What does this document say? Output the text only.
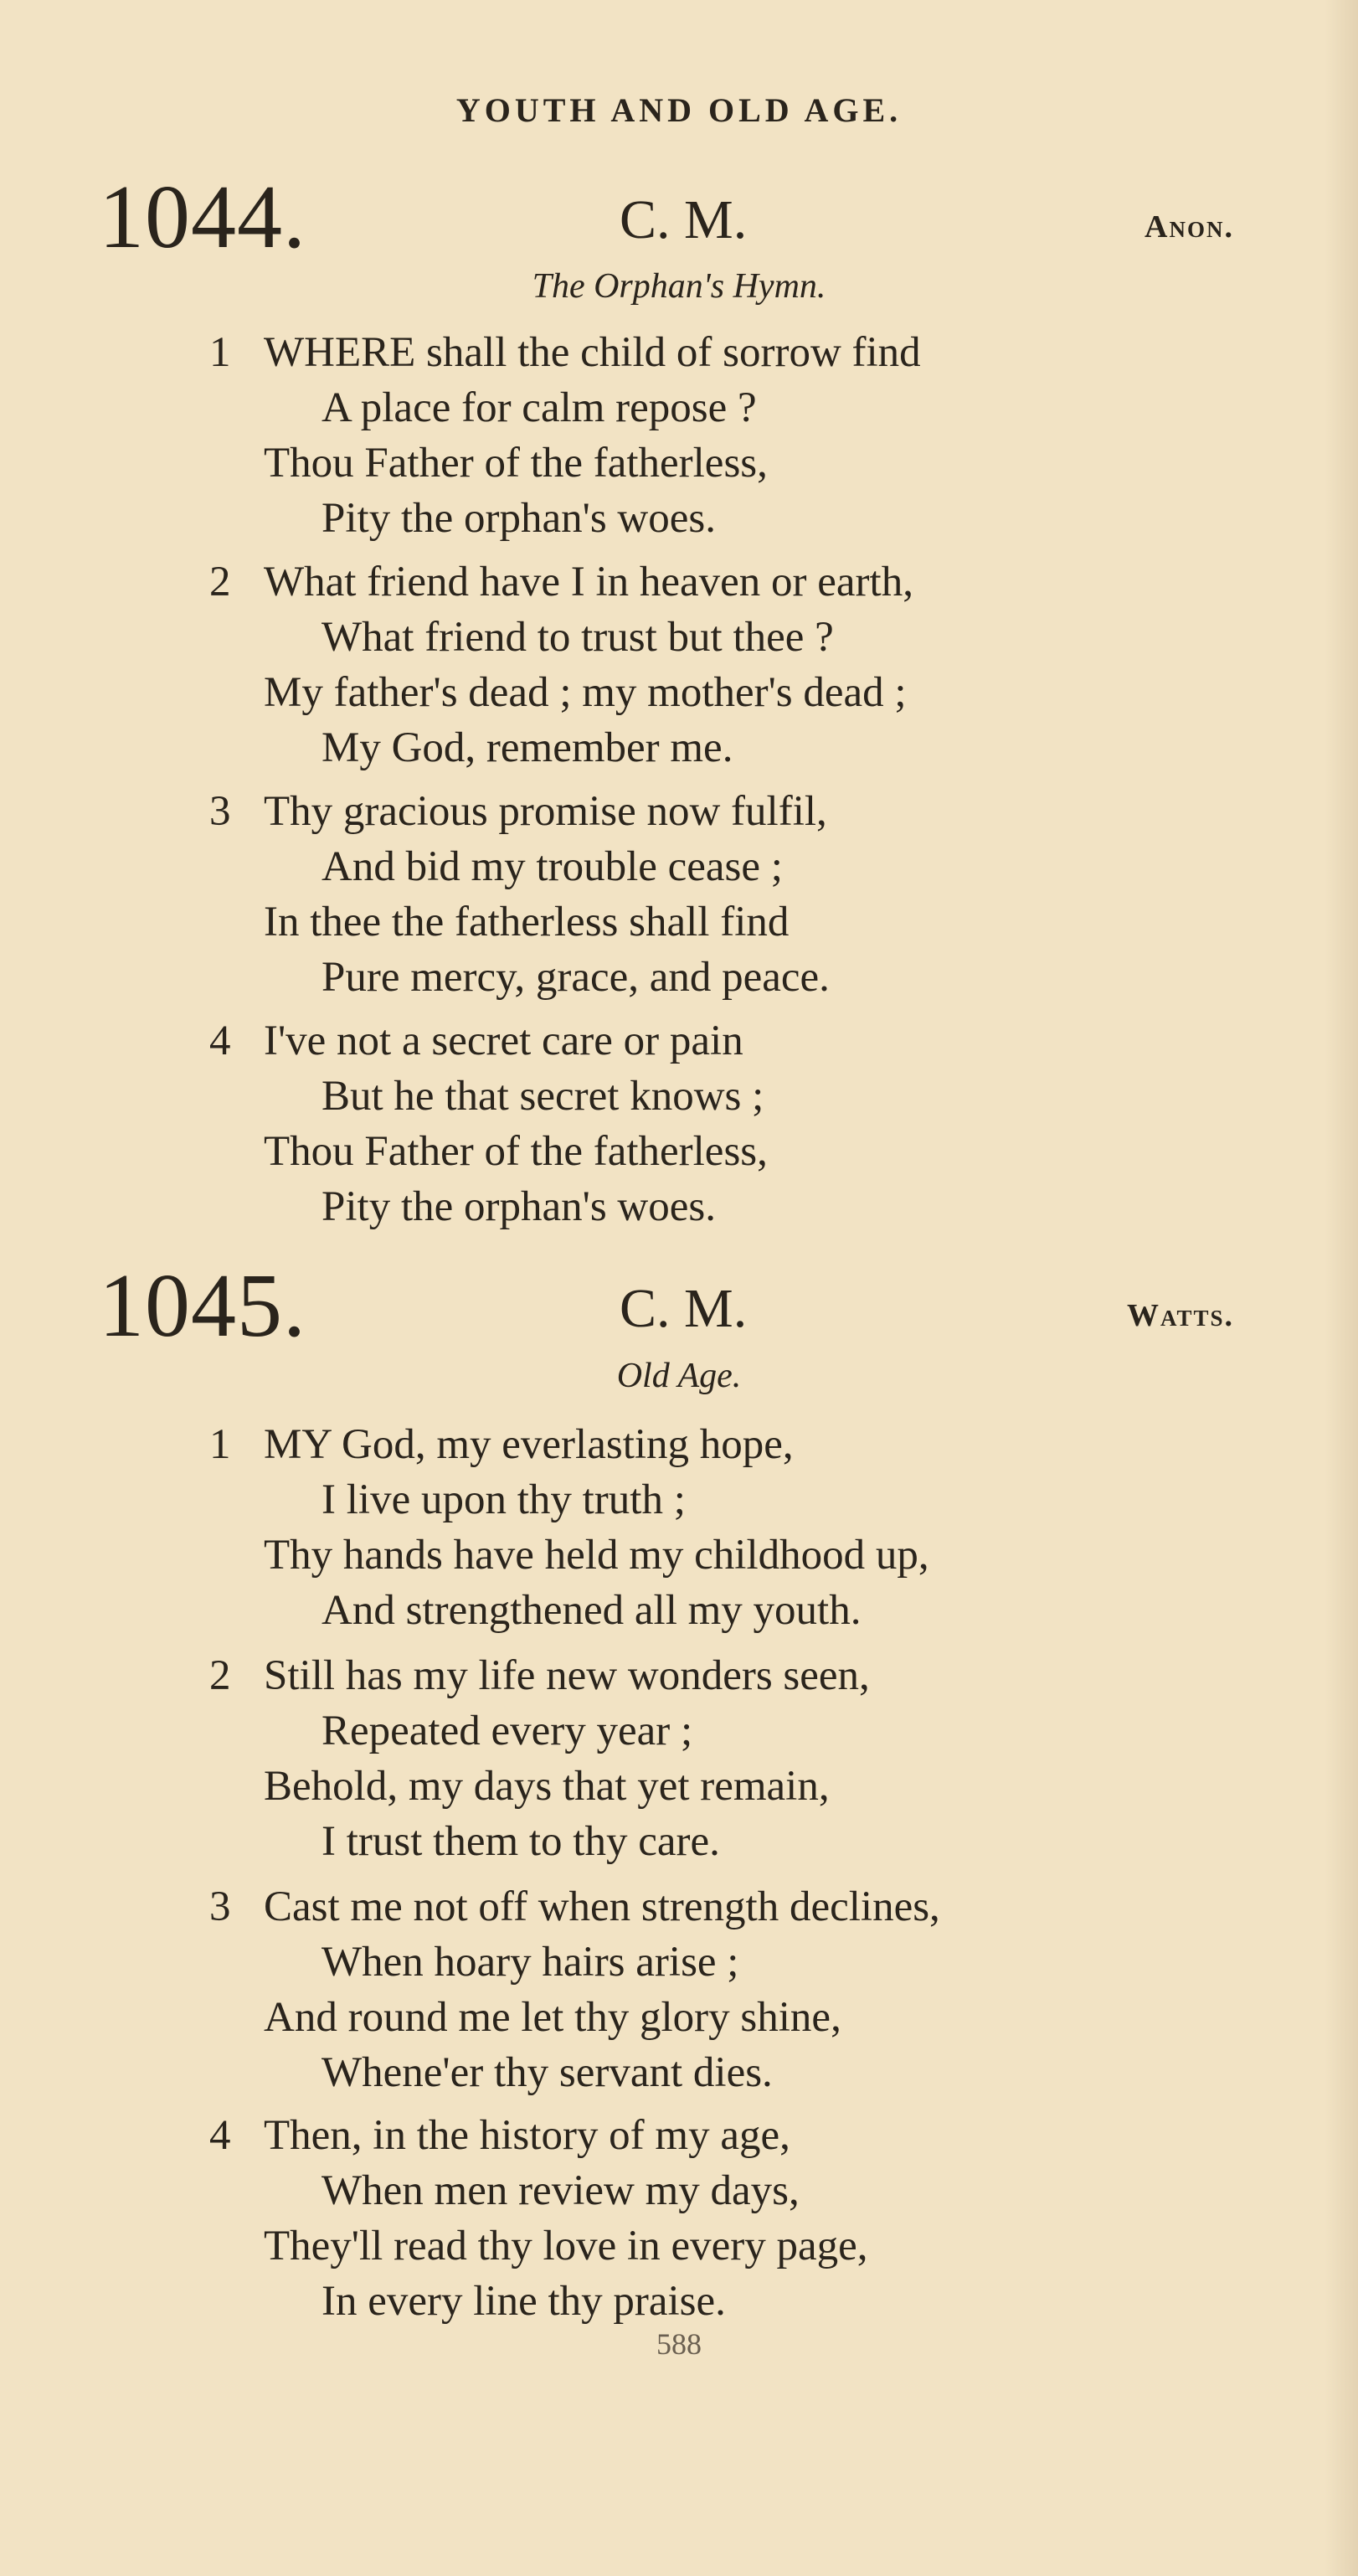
YOUTH AND OLD AGE.
1044.	C. M.	Anon.
The Orphan's Hymn.
1 WHERE shall the child of sorrow find
A place for calm repose ?
Thou Father of the fatherless,
Pity the orphan's woes.
2 What friend have I in heaven or earth,
What friend to trust but thee ?
My father's dead ; my mother's dead ;
My God, remember me.
3 Thy gracious promise now fulfil,
And bid my trouble cease ;
In thee the fatherless shall find
Pure mercy, grace, and peace.
4 I've not a secret care or pain
But he that secret knows ;
Thou Father of the fatherless,
Pity the orphan's woes.
1045.	C. M.	Watts.
Old Age.
1 MY God, my everlasting hope,
I live upon thy truth ;
Thy hands have held my childhood up,
And strengthened all my youth.
2 Still has my life new wonders seen,
Repeated every year ;
Behold, my days that yet remain,
I trust them to thy care.
3 Cast me not off when strength declines,
When hoary hairs arise ;
And round me let thy glory shine,
Whene'er thy servant dies.
4 Then, in the history of my age,
When men review my days,
They'll read thy love in every page,
In every line thy praise.
588
